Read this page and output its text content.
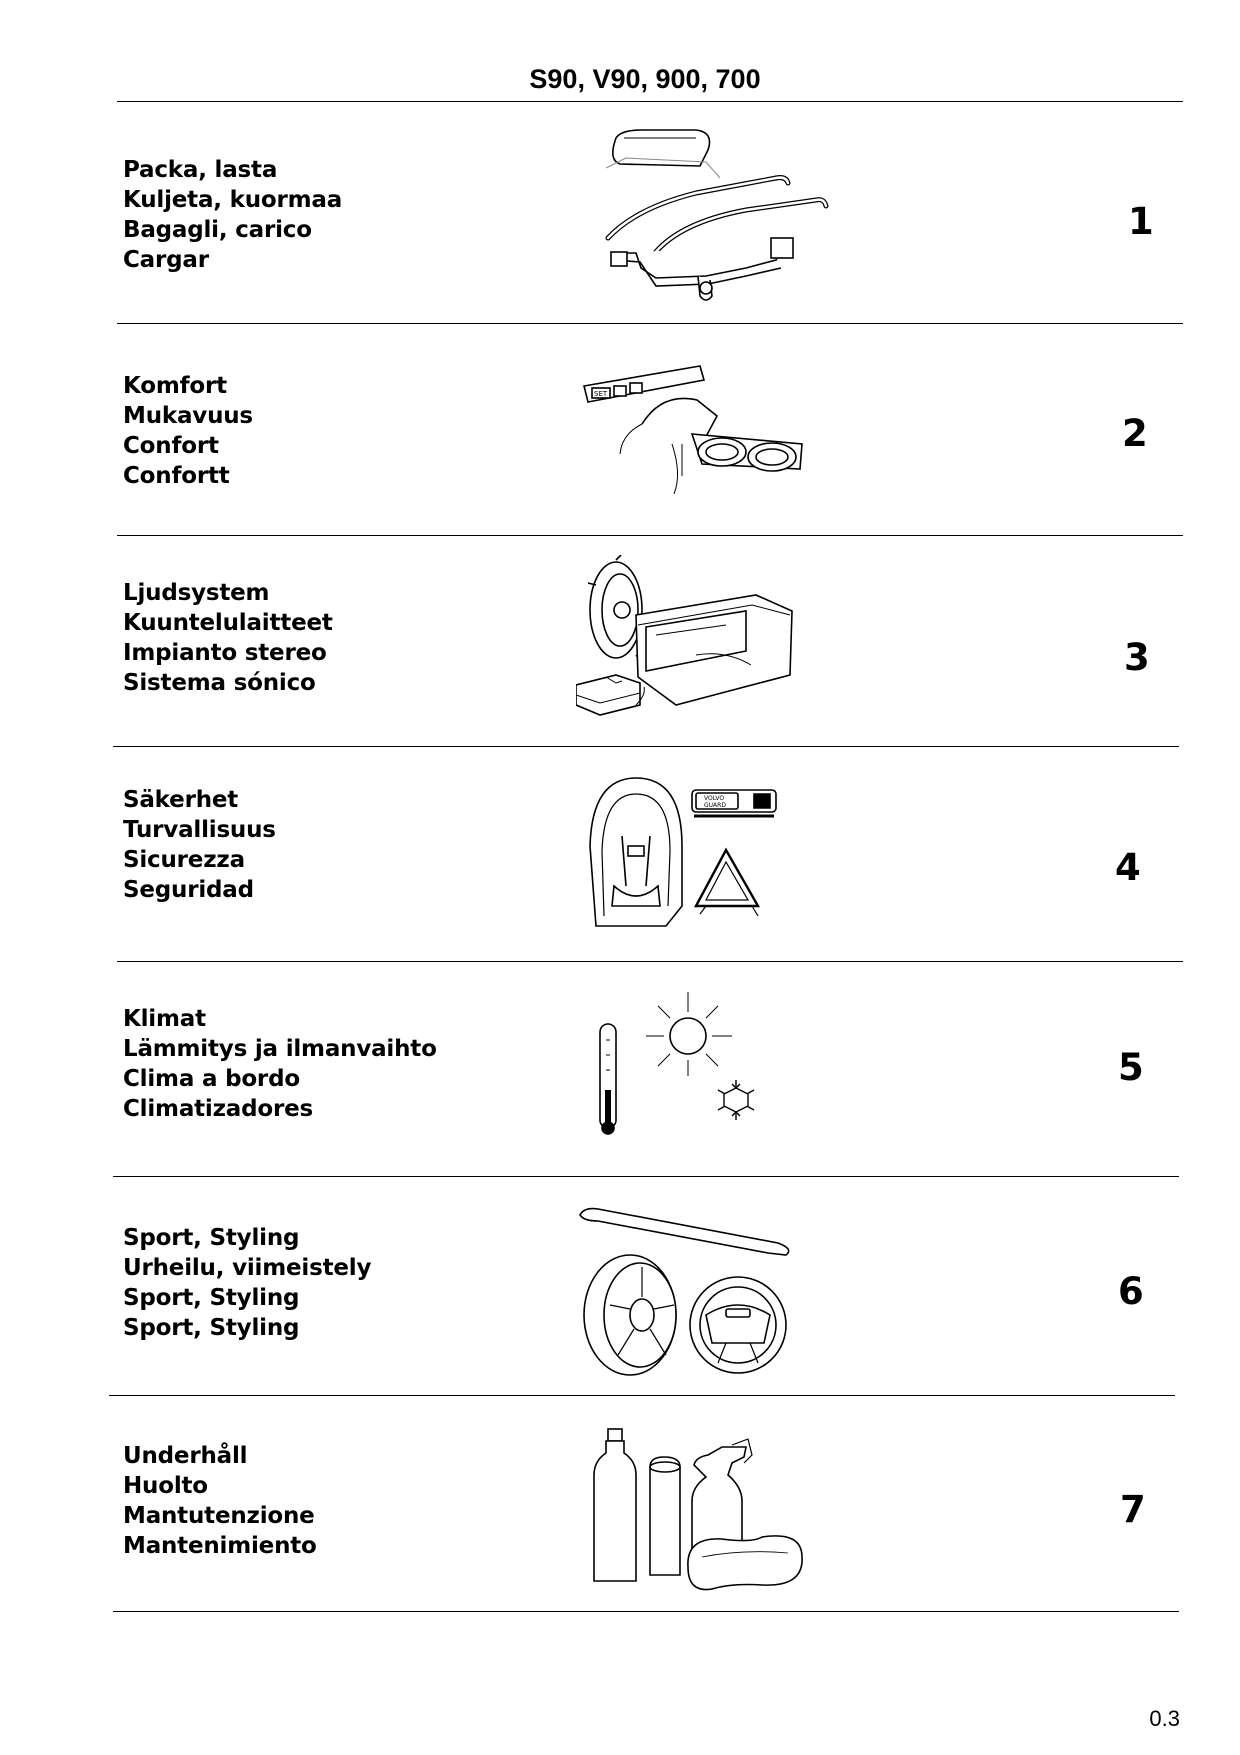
S90, V90, 900, 700
Packa, lasta
Kuljeta, kuormaa
Bagagli, carico
Cargar
1
Komfort
Mukavuus
Confort
Confortt
SET
2
Ljudsystem
Kuuntelulaitteet
Impianto stereo
Sistema sónico
3
Säkerhet
Turvallisuus
Sicurezza
Seguridad
VOLVO
GUARD
4
Klimat
Lämmitys ja ilmanvaihto
Clima a bordo
Climatizadores
5
Sport, Styling
Urheilu, viimeistely
Sport, Styling
Sport, Styling
6
Underhåll
Huolto
Mantutenzione
Mantenimiento
7
0.3
